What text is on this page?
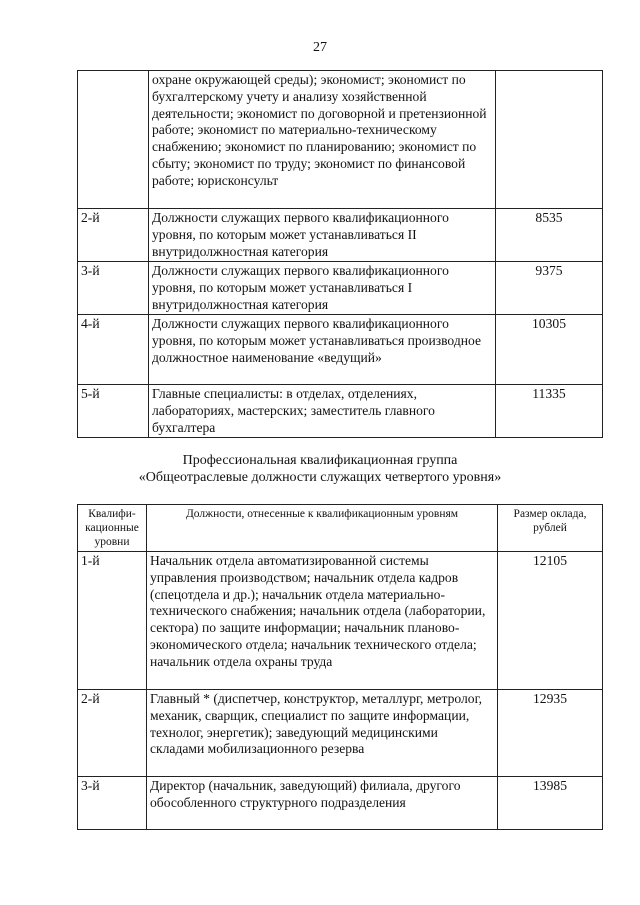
27
	охране окружающей среды); экономист; экономист по бухгалтерскому учету и анализу хозяйственной деятельности; экономист по договорной и претензионной работе; экономист по материально-техническому снабжению; экономист по планированию; экономист по сбыту; экономист по труду; экономист по финансовой работе; юрисконсульт	
2-й	Должности служащих первого квалификационного уровня, по которым может устанавливаться II внутридолжностная категория	8535
3-й	Должности служащих первого квалификационного уровня, по которым может устанавливаться I внутридолжностная категория	9375
4-й	Должности служащих первого квалификационного уровня, по которым может устанавливаться производное должностное наименование «ведущий»	10305
5-й	Главные специалисты: в отделах, отделениях, лабораториях, мастерских; заместитель главного бухгалтера	11335
Профессиональная квалификационная группа
«Общеотраслевые должности служащих четвертого уровня»
Квалифи-кационные уровни	Должности, отнесенные к квалификационным уровням	Размер оклада, рублей
1-й	Начальник отдела автоматизированной системы управления производством; начальник отдела кадров (спецотдела и др.); начальник отдела материально-технического снабжения; начальник отдела (лаборатории, сектора) по защите информации; начальник планово-экономического отдела; начальник технического отдела; начальник отдела охраны труда	12105
2-й	Главный * (диспетчер, конструктор, металлург, метролог, механик, сварщик, специалист по защите информации, технолог, энергетик); заведующий медицинскими складами мобилизационного резерва	12935
3-й	Директор (начальник, заведующий) филиала, другого обособленного структурного подразделения	13985
